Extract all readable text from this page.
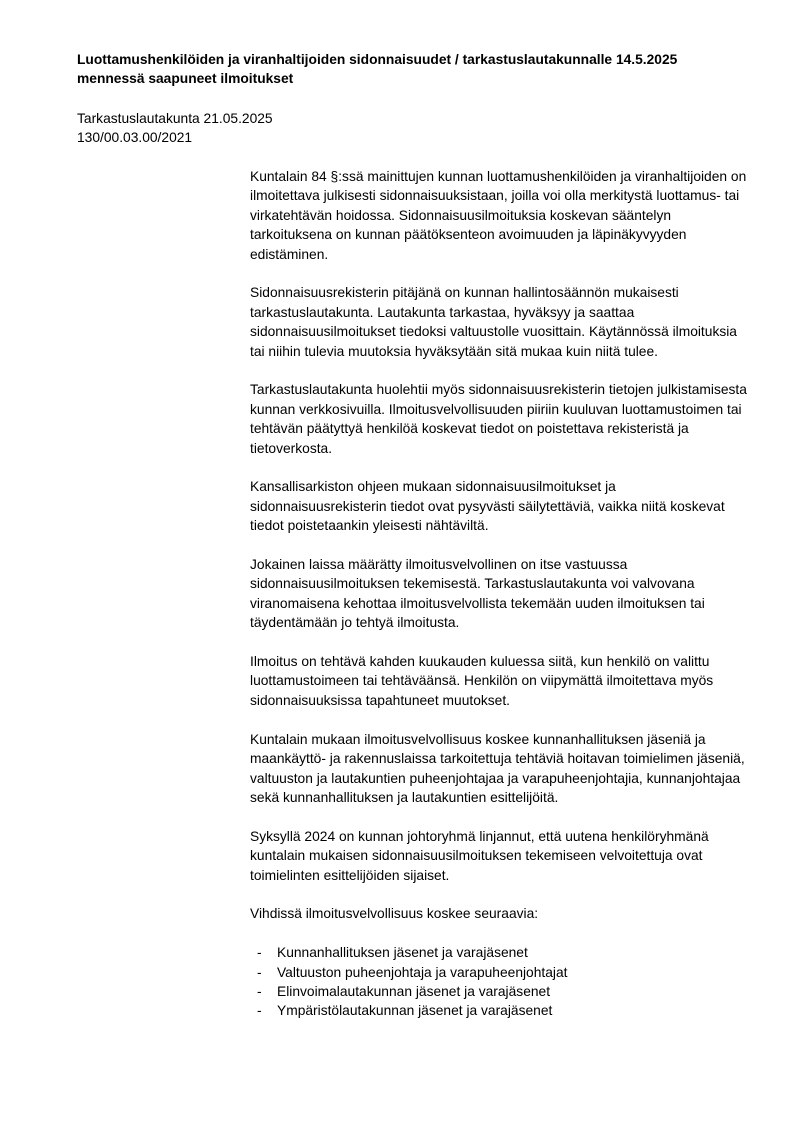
Luottamushenkilöiden ja viranhaltijoiden sidonnaisuudet / tarkastuslautakunnalle 14.5.2025 mennessä saapuneet ilmoitukset
Tarkastuslautakunta 21.05.2025
130/00.03.00/2021

Kuntalain 84 §:ssä mainittujen kunnan luottamushenkilöiden ja viranhaltijoiden on ilmoitettava julkisesti sidonnaisuuksistaan, joilla voi olla merkitystä luottamus- tai virkatehtävän hoidossa. Sidonnaisuusilmoituksia koskevan sääntelyn tarkoituksena on kunnan päätöksenteon avoimuuden ja läpinäkyvyyden edistäminen.

Sidonnaisuusrekisterin pitäjänä on kunnan hallintosäännön mukaisesti tarkastuslautakunta. Lautakunta tarkastaa, hyväksyy ja saattaa sidonnaisuusilmoitukset tiedoksi valtuustolle vuosittain. Käytännössä ilmoituksia tai niihin tulevia muutoksia hyväksytään sitä mukaa kuin niitä tulee.

Tarkastuslautakunta huolehtii myös sidonnaisuusrekisterin tietojen julkistamisesta kunnan verkkosivuilla. Ilmoitusvelvollisuuden piiriin kuuluvan luottamustoimen tai tehtävän päätyttyä henkilöä koskevat tiedot on poistettava rekisteristä ja tietoverkosta.

Kansallisarkiston ohjeen mukaan sidonnaisuusilmoitukset ja sidonnaisuusrekisterin tiedot ovat pysyvästi säilytettäviä, vaikka niitä koskevat tiedot poistetaankin yleisesti nähtäviltä.

Jokainen laissa määrätty ilmoitusvelvollinen on itse vastuussa sidonnaisuusilmoituksen tekemisestä. Tarkastuslautakunta voi valvovana viranomaisena kehottaa ilmoitusvelvollista tekemään uuden ilmoituksen tai täydentämään jo tehtyä ilmoitusta.

Ilmoitus on tehtävä kahden kuukauden kuluessa siitä, kun henkilö on valittu luottamustoimeen tai tehtäväänsä. Henkilön on viipymättä ilmoitettava myös sidonnaisuuksissa tapahtuneet muutokset.

Kuntalain mukaan ilmoitusvelvollisuus koskee kunnanhallituksen jäseniä ja maankäyttö- ja rakennuslaissa tarkoitettuja tehtäviä hoitavan toimielimen jäseniä, valtuuston ja lautakuntien puheenjohtajaa ja varapuheenjohtajia, kunnanjohtajaa sekä kunnanhallituksen ja lautakuntien esittelijöitä.

Syksyllä 2024 on kunnan johtoryhmä linjannut, että uutena henkilöryhmänä kuntalain mukaisen sidonnaisuusilmoituksen tekemiseen velvoitettuja ovat toimielinten esittelijöiden sijaiset.

Vihdissä ilmoitusvelvollisuus koskee seuraavia:

- Kunnanhallituksen jäsenet ja varajäsenet
- Valtuuston puheenjohtaja ja varapuheenjohtajat
- Elinvoimalautakunnan jäsenet ja varajäsenet
- Ympäristölautakunnan jäsenet ja varajäsenet
